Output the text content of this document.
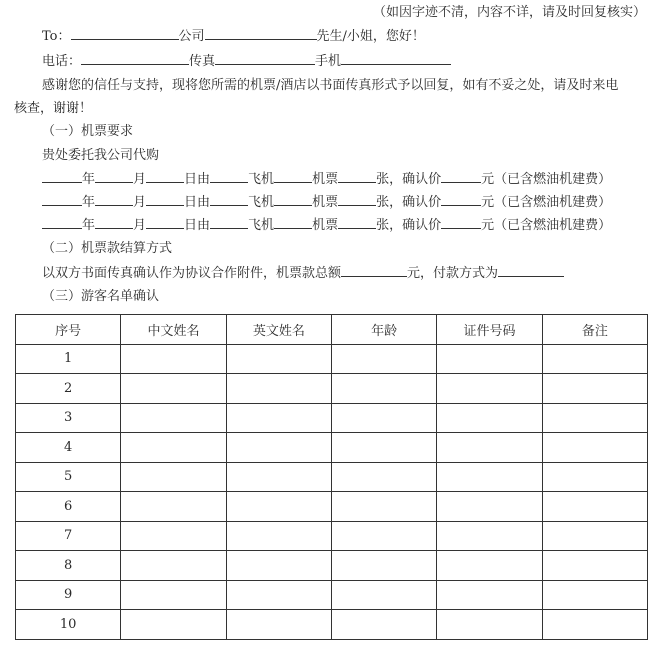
（如因字迹不清，内容不详，请及时回复核实）
To：	公司	先生/小姐，您好！
电话：	传真	手机
感谢您的信任与支持，现将您所需的机票/酒店以书面传真形式予以回复，如有不妥之处，请及时来电
核查，谢谢！
（一）机票要求
贵处委托我公司代购
年	月	日由	飞机	机票	张，确认价	元（已含燃油机建费）
年	月	日由	飞机	机票	张，确认价	元（已含燃油机建费）
年	月	日由	飞机	机票	张，确认价	元（已含燃油机建费）
（二）机票款结算方式
以双方书面传真确认作为协议合作附件，机票款总额	元，付款方式为
（三）游客名单确认
序号	中文姓名	英文姓名	年龄	证件号码	备注
1					
2					
3					
4					
5					
6					
7					
8					
9					
10					
